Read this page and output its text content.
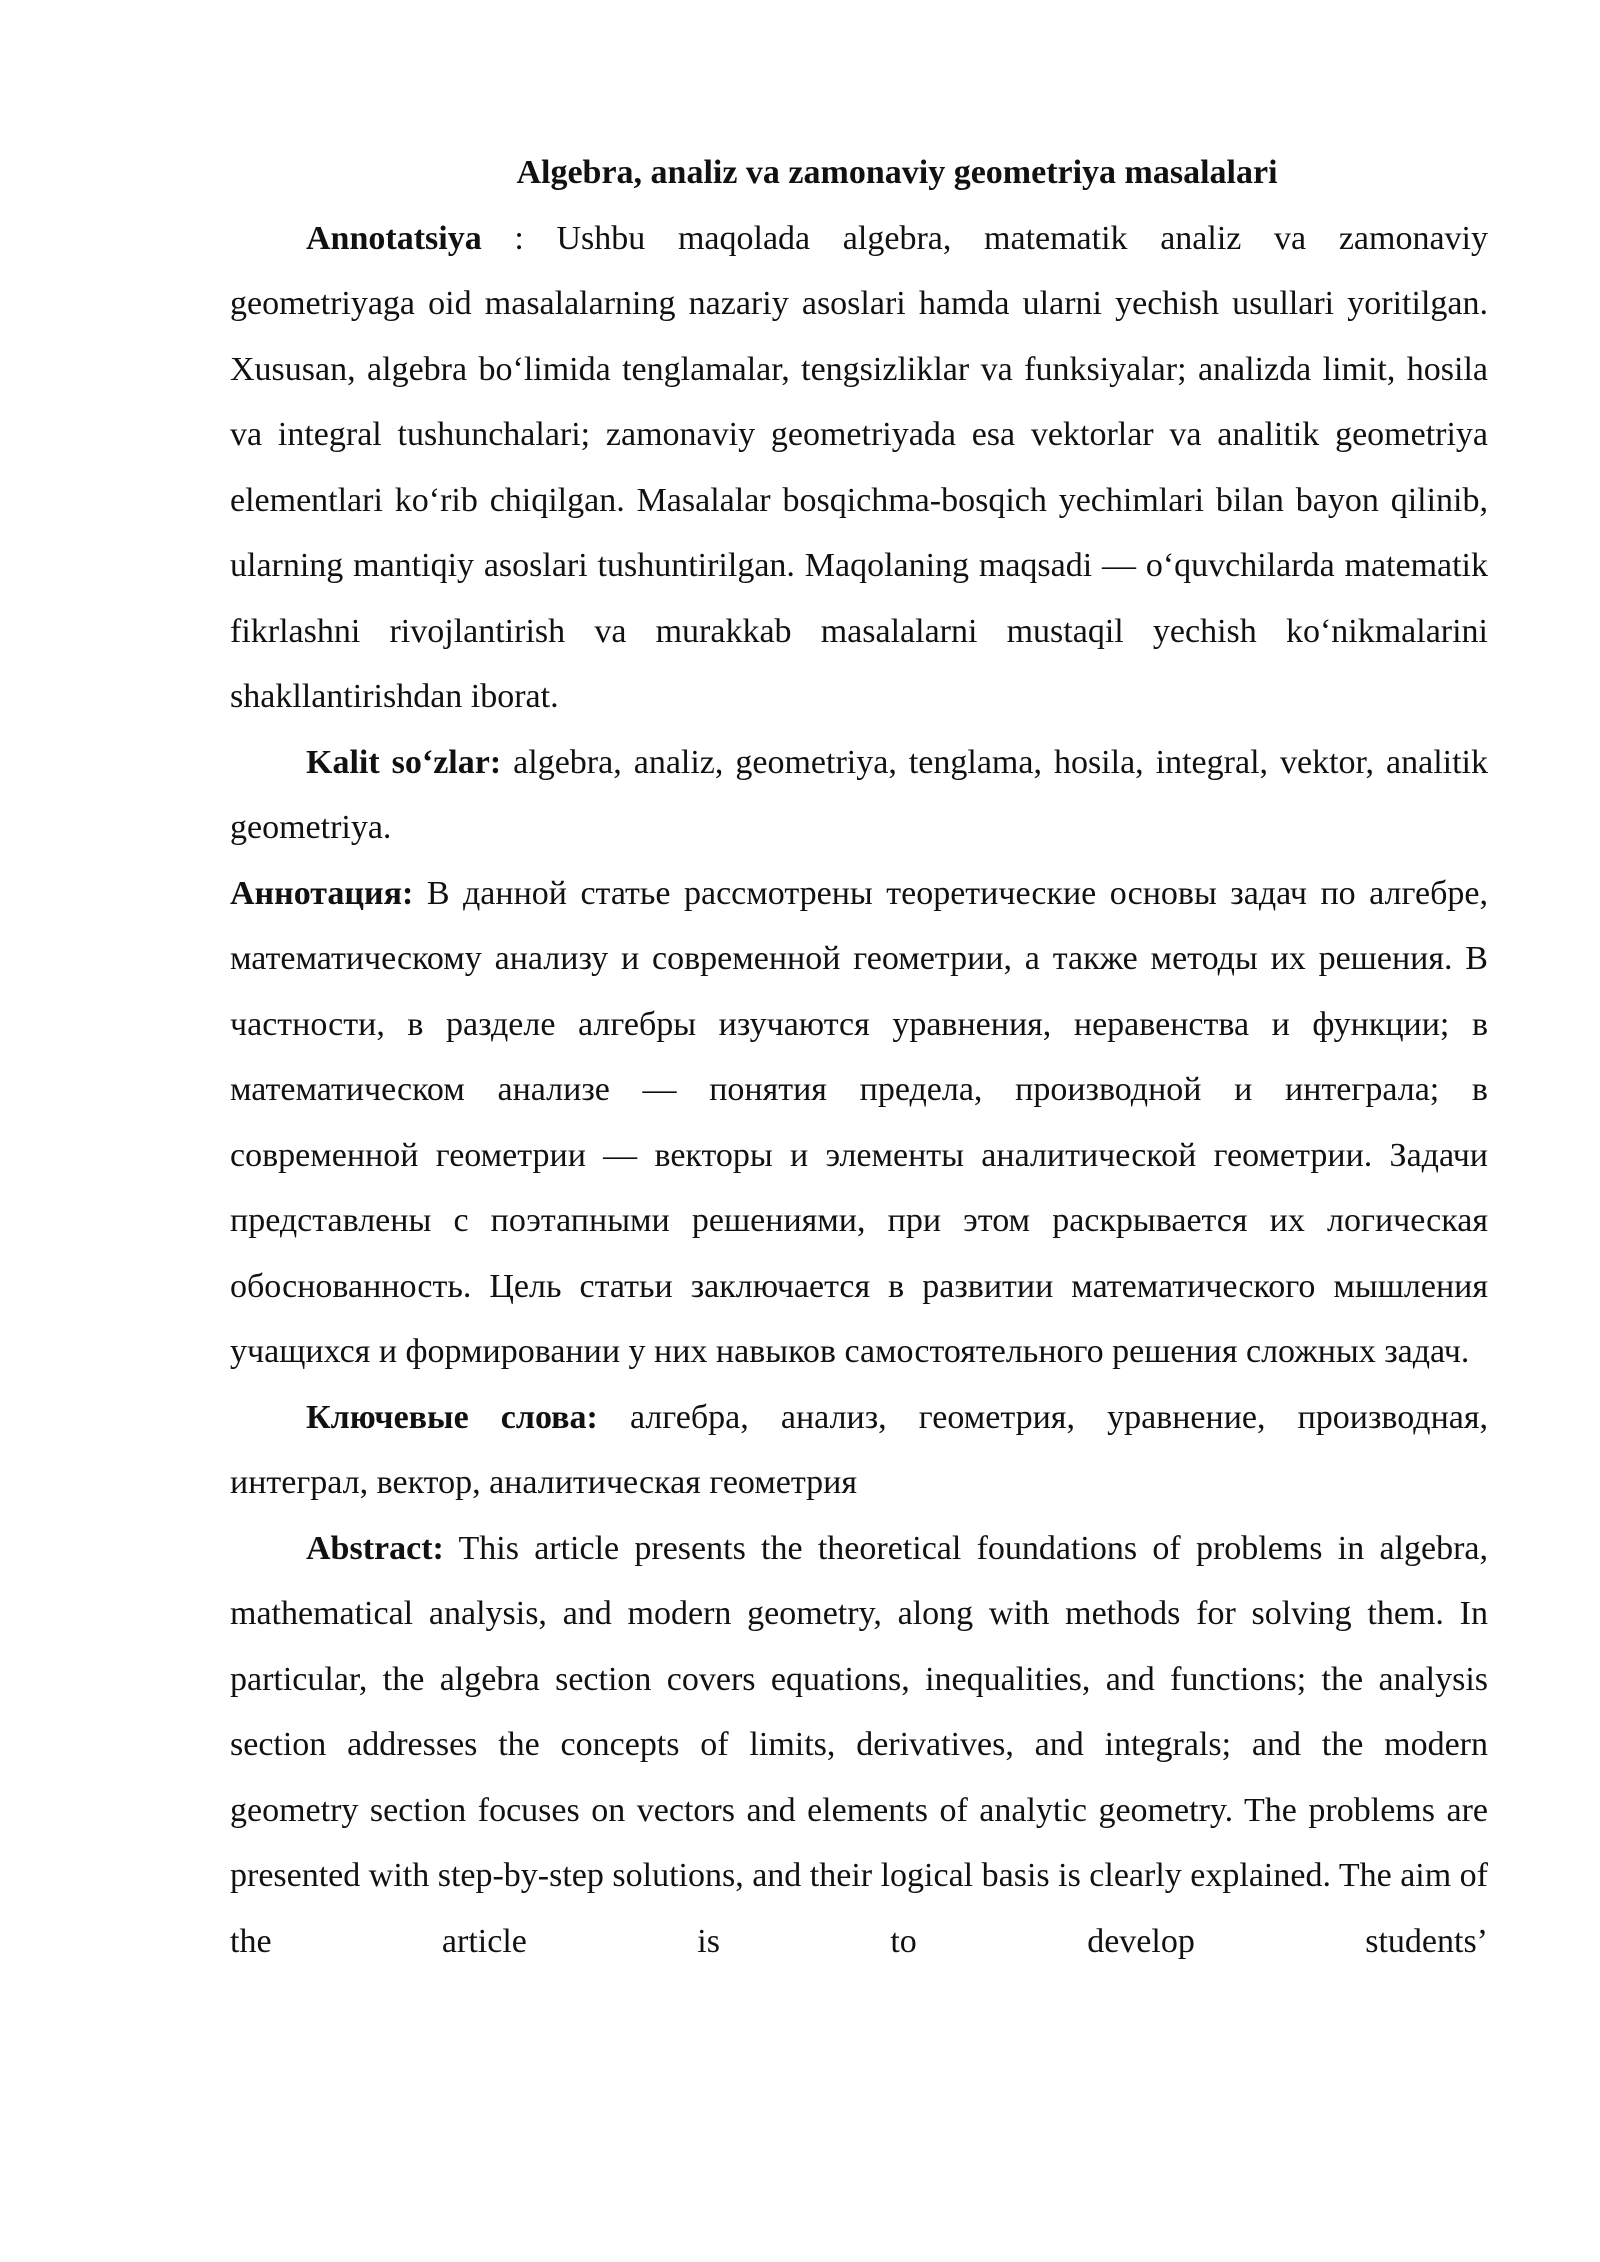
Algebra, analiz va zamonaviy geometriya masalalari

Annotatsiya : Ushbu maqolada algebra, matematik analiz va zamonaviy geometriyaga oid masalalarning nazariy asoslari hamda ularni yechish usullari yoritilgan. Xususan, algebra bo‘limida tenglamalar, tengsizliklar va funksiyalar; analizda limit, hosila va integral tushunchalari; zamonaviy geometriyada esa vektorlar va analitik geometriya elementlari ko‘rib chiqilgan. Masalalar bosqichma-bosqich yechimlari bilan bayon qilinib, ularning mantiqiy asoslari tushuntirilgan. Maqolaning maqsadi — o‘quvchilarda matematik fikrlashni rivojlantirish va murakkab masalalarni mustaqil yechish ko‘nikmalarini shakllantirishdan iborat.

Kalit so‘zlar: algebra, analiz, geometriya, tenglama, hosila, integral, vektor, analitik geometriya.

Аннотация: В данной статье рассмотрены теоретические основы задач по алгебре, математическому анализу и современной геометрии, а также методы их решения. В частности, в разделе алгебры изучаются уравнения, неравенства и функции; в математическом анализе — понятия предела, производной и интеграла; в современной геометрии — векторы и элементы аналитической геометрии. Задачи представлены с поэтапными решениями, при этом раскрывается их логическая обоснованность. Цель статьи заключается в развитии математического мышления учащихся и формировании у них навыков самостоятельного решения сложных задач.

Ключевые слова: алгебра, анализ, геометрия, уравнение, производная, интеграл, вектор, аналитическая геометрия

Abstract: This article presents the theoretical foundations of problems in algebra, mathematical analysis, and modern geometry, along with methods for solving them. In particular, the algebra section covers equations, inequalities, and functions; the analysis section addresses the concepts of limits, derivatives, and integrals; and the modern geometry section focuses on vectors and elements of analytic geometry. The problems are presented with step-by-step solutions, and their logical basis is clearly explained. The aim of the article is to develop students’
